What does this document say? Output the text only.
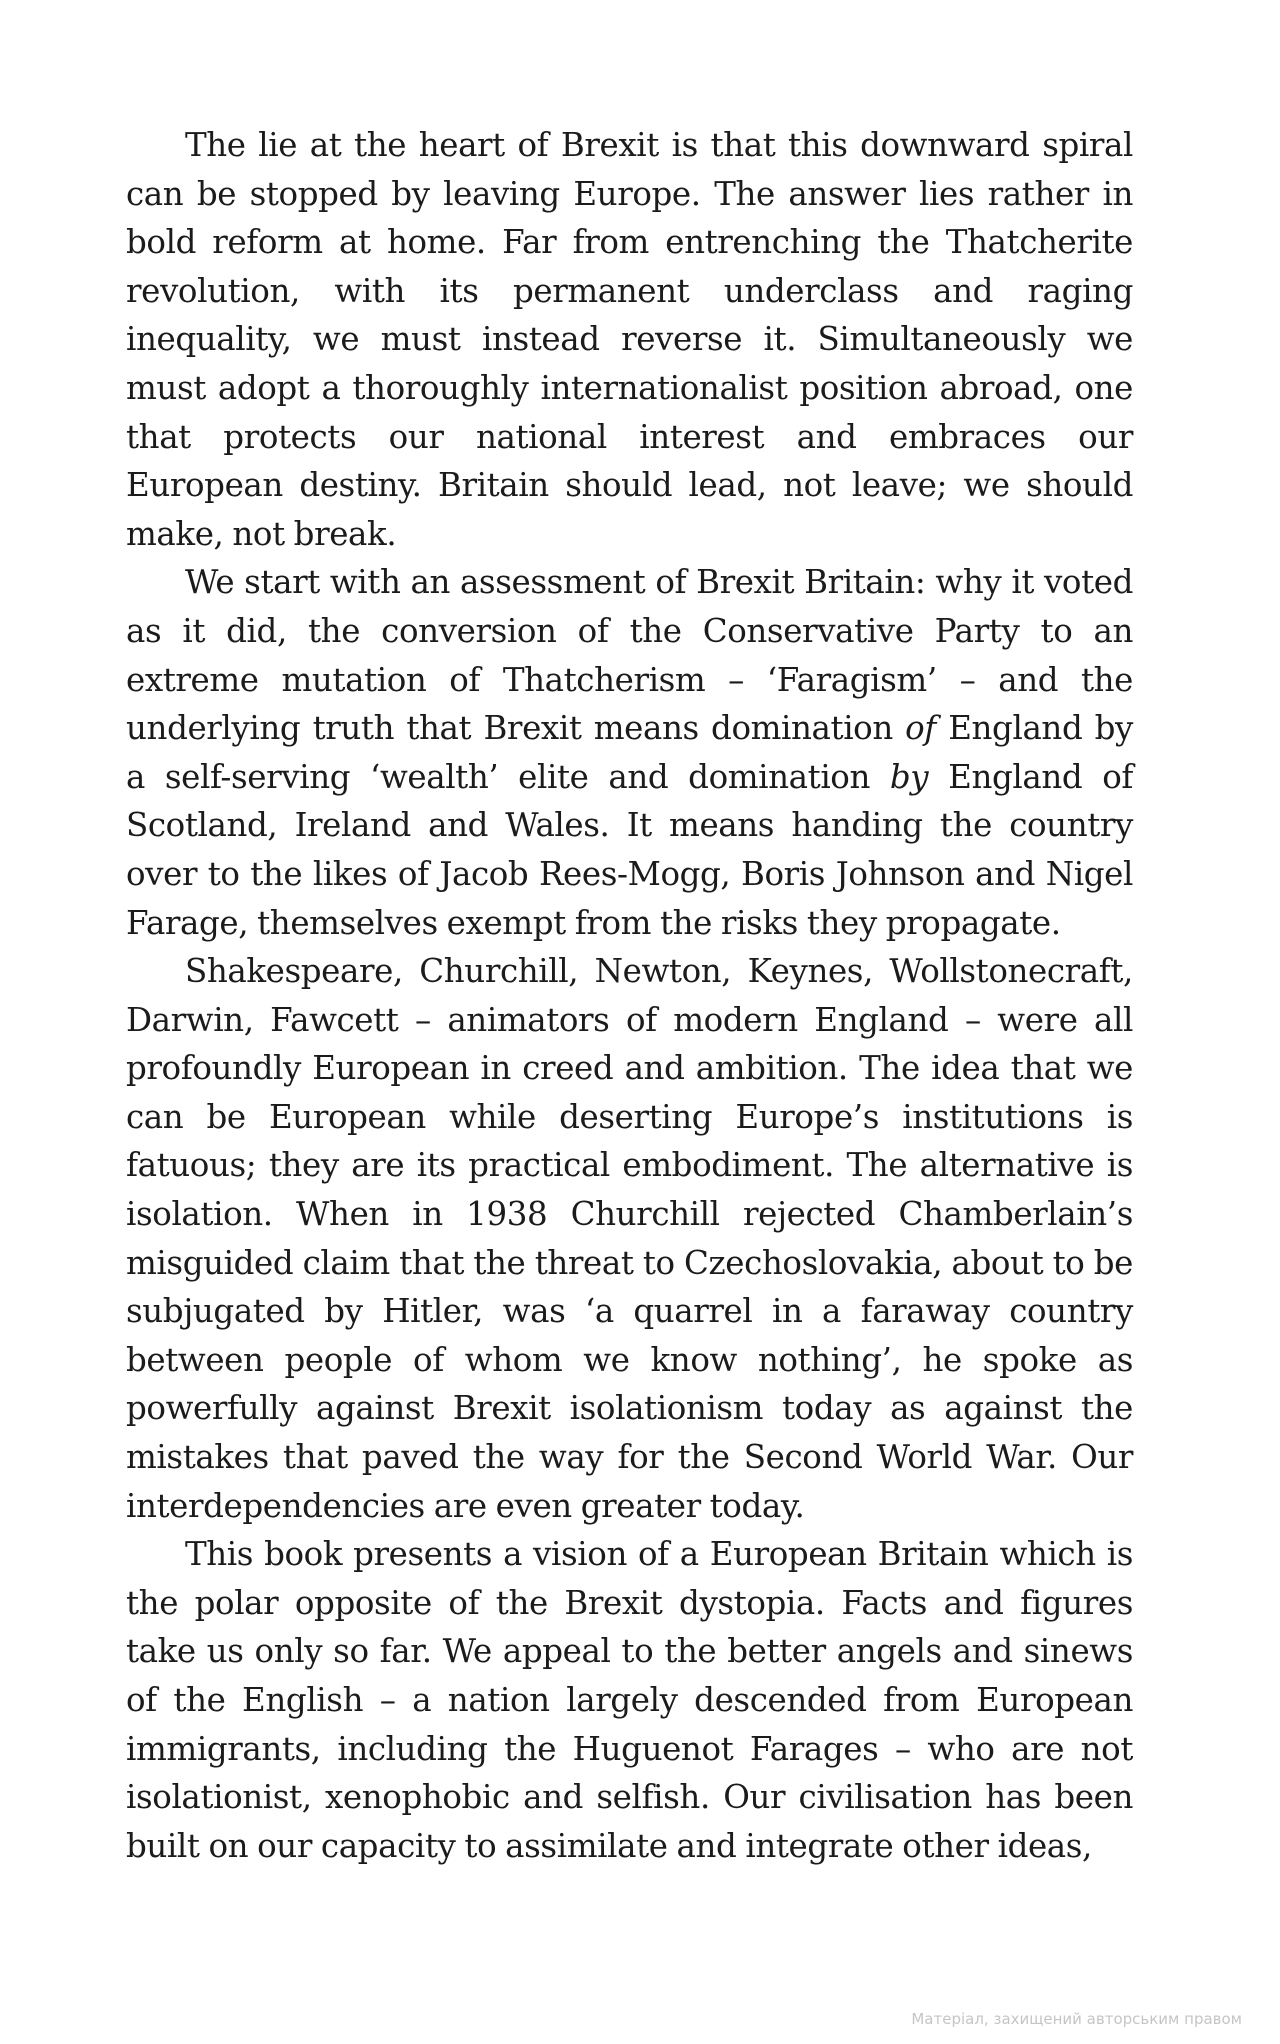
The lie at the heart of Brexit is that this downward spiral can be stopped by leaving Europe. The answer lies rather in bold reform at home. Far from entrenching the Thatcherite revolution, with its permanent underclass and raging inequality, we must instead reverse it. Simultaneously we must adopt a thoroughly internationalist position abroad, one that protects our national interest and embraces our European destiny. Britain should lead, not leave; we should make, not break.

We start with an assessment of Brexit Britain: why it voted as it did, the conversion of the Conservative Party to an extreme mutation of Thatcherism – ‘Faragism’ – and the underlying truth that Brexit means domination of England by a self-serving ‘wealth’ elite and domination by England of Scotland, Ireland and Wales. It means handing the country over to the likes of Jacob Rees-Mogg, Boris Johnson and Nigel Farage, themselves exempt from the risks they propagate.

Shakespeare, Churchill, Newton, Keynes, Wollstonecraft, Darwin, Fawcett – animators of modern England – were all profoundly European in creed and ambition. The idea that we can be European while deserting Europe’s institutions is fatuous; they are its practical embodiment. The alternative is isolation. When in 1938 Churchill rejected Chamberlain’s misguided claim that the threat to Czechoslovakia, about to be subjugated by Hitler, was ‘a quarrel in a faraway country between people of whom we know nothing’, he spoke as powerfully against Brexit isolationism today as against the mistakes that paved the way for the Second World War. Our interdependencies are even greater today.

This book presents a vision of a European Britain which is the polar opposite of the Brexit dystopia. Facts and figures take us only so far. We appeal to the better angels and sinews of the English – a nation largely descended from European immigrants, including the Huguenot Farages – who are not isolationist, xenophobic and selfish. Our civilisation has been built on our capacity to assimilate and integrate other ideas,

Матеріал, захищений авторським правом
